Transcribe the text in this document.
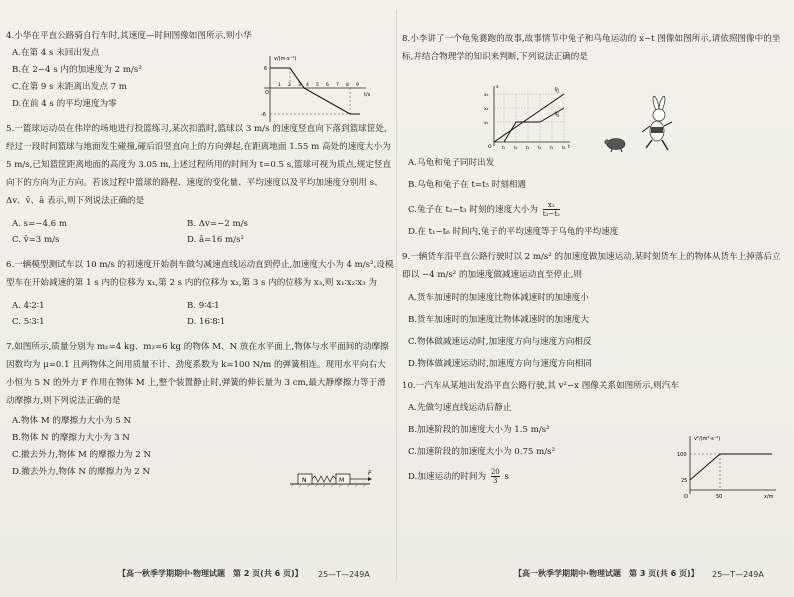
4.小华在平直公路骑自行车时,其速度—时间图像如图所示,则小华
A.在第 4 s 末回出发点
B.在 2~4 s 内的加速度为 2 m/s²
C.在第 9 s 末距离出发点 7 m
D.在前 4 s 的平均速度为零
5.一篮球运动员在伟岸的场地进行投篮练习,某次扣篮时,篮球以 3 m/s 的速度竖直向下落到篮球筐处,经过一段时间篮球与地面发生碰撞,碰后沿竖直向上的方向弹起,在距离地面 1.55 m 高处的速度大小为 5 m/s,已知篮筐距离地面的高度为 3.05 m,上述过程所用的时间为 t=0.5 s,篮球可视为质点,规定竖直向下的方向为正方向。若该过程中篮球的路程、速度的变化量、平均速度以及平均加速度分别用 s、Δv、v̄、ā 表示,则下列说法正确的是
A. s=−4.6 m	B. Δv=−2 m/s
C. v̄=3 m/s	D. ā=16 m/s²
6.一辆模型测试车以 10 m/s 的初速度开始刹车做匀减速直线运动直到停止,加速度大小为 4 m/s²,设模型车在开始减速的第 1 s 内的位移为 x₁,第 2 s 内的位移为 x₂,第 3 s 内的位移为 x₃,则 x₁∶x₂∶x₃ 为
A. 4∶2∶1	B. 9∶4∶1
C. 5∶3∶1	D. 16∶8∶1
7.如图所示,质量分别为 m₁=4 kg、m₂=6 kg 的物体 M、N 放在水平面上,物体与水平面间的动摩擦因数均为 μ=0.1 且两物体之间用质量不计、劲度系数为 k=100 N/m 的弹簧相连。现用水平向右大小恒为 5 N 的外力 F 作用在物体 M 上,整个装置静止时,弹簧的伸长量为 3 cm,最大静摩擦力等于滑动摩擦力,则下列说法正确的是
A.物体 M 的摩擦力大小为 5 N
B.物体 N 的摩擦力大小为 3 N
C.撤去外力,物体 M 的摩擦力为 2 N
D.撤去外力,物体 N 的摩擦力为 2 N
v/(m·s⁻¹)
t/s
6
-6
O
1 2 3 4 5 6 7 8 9
N	M
F
8.小李讲了一个龟兔赛跑的故事,故事情节中兔子和乌龟运动的 x−t 图像如图所示,请依照图像中的坐标,并结合物理学的知识来判断,下列说法正确的是
A.乌龟和兔子同时出发
B.乌龟和兔子在 t=t₅ 时刻相遇
C.兔子在 t₂~t₃ 时刻的速度大小为 $\frac{\text{x₃}}{\text{t₃−t₂}}$
D.在 t₁~t₆ 时间内,兔子的平均速度等于乌龟的平均速度
9.一辆货车沿平直公路行驶时以 2 m/s² 的加速度做加速运动,某时刻货车上的物体从货车上掉落后立即以 −4 m/s² 的加速度做减速运动直至停止,则
A.货车加速时的加速度比物体减速时的加速度小
B.货车加速时的加速度比物体减速时的加速度大
C.物体做减速运动时,加速度方向与速度方向相反
D.物体做减速运动时,加速度方向与速度方向相同
10.一汽车从某地出发沿平直公路行驶,其 v²−x 图像关系如图所示,则汽车
A.先做匀速直线运动后静止
B.加速阶段的加速度大小为 1.5 m/s²
C.加速阶段的加速度大小为 0.75 m/s²
D.加速运动的时间为 $\frac{20}{3}$ s
龟
兔
x₃
x₂
x₁
O t₁ t₂ t₃ t₄ t₅ t₆ t
x
v²/(m²·s⁻²)
x/m
100
25
50
O
【高一秋季学期期中·物理试题　第 2 页(共 6 页)】 25—T—249A	【高一秋季学期期中·物理试题　第 3 页(共 6 页)】 25—T—249A
